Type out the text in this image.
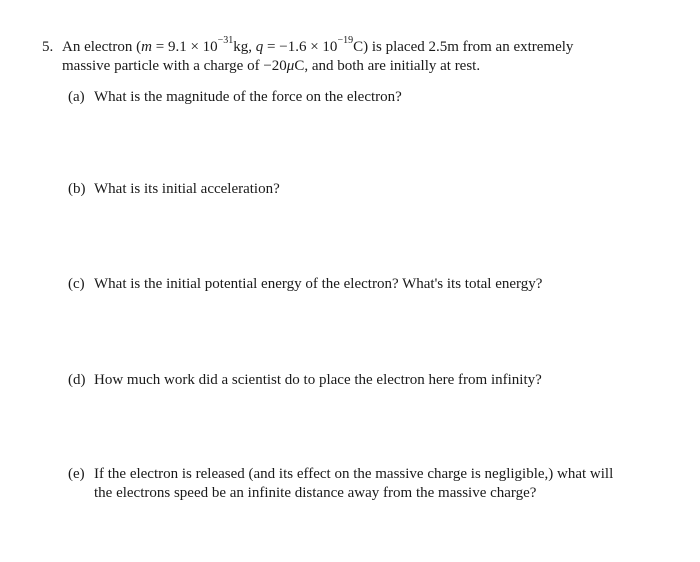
5. An electron ($m = 9.1 \times 10^{-31}kg$, $q = -1.6 \times 10^{-19}C$) is placed 2.5m from an extremely
massive particle with a charge of −20μC, and both are initially at rest.
(a) What is the magnitude of the force on the electron?
(b) What is its initial acceleration?
(c) What is the initial potential energy of the electron? What's its total energy?
(d) How much work did a scientist do to place the electron here from infinity?
(e) If the electron is released (and its effect on the massive charge is negligible,) what will
the electrons speed be an infinite distance away from the massive charge?
